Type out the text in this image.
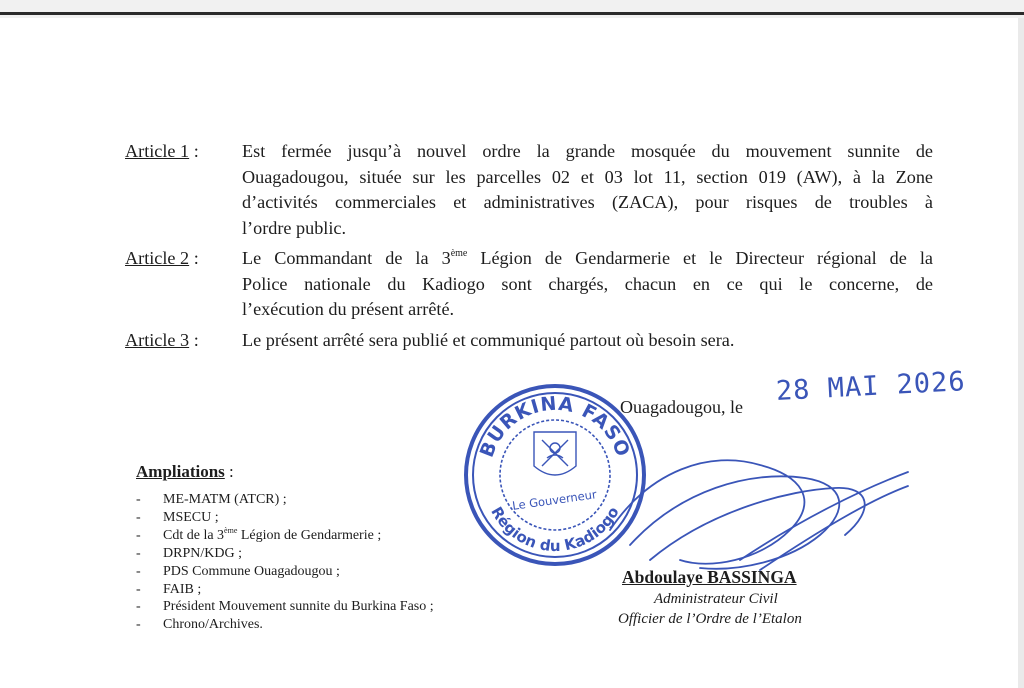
Article 1 :	Est fermée jusqu’à nouvel ordre la grande mosquée du mouvement sunnite de
Ouagadougou, située sur les parcelles 02 et 03 lot 11, section 019 (AW), à la Zone
d’activités commerciales et administratives (ZACA), pour risques de troubles à
l’ordre public.
Article 2 :	Le Commandant de la 3ème Légion de Gendarmerie et le Directeur régional de la
Police nationale du Kadiogo sont chargés, chacun en ce qui le concerne, de
l’exécution du présent arrêté.
Article 3 :	Le présent arrêté sera publié et communiqué partout où besoin sera.
BURKINA FASO
Région du Kadiogo
Le Gouverneur
Ouagadougou, le
28 MAI 2026
Ampliations :
- ME-MATM (ATCR) ;
- MSECU ;
- Cdt de la 3ème Légion de Gendarmerie ;
- DRPN/KDG ;
- PDS Commune Ouagadougou ;
- FAIB ;
- Président Mouvement sunnite du Burkina Faso ;
- Chrono/Archives.
Abdoulaye BASSINGA
Administrateur Civil
Officier de l’Ordre de l’Etalon
